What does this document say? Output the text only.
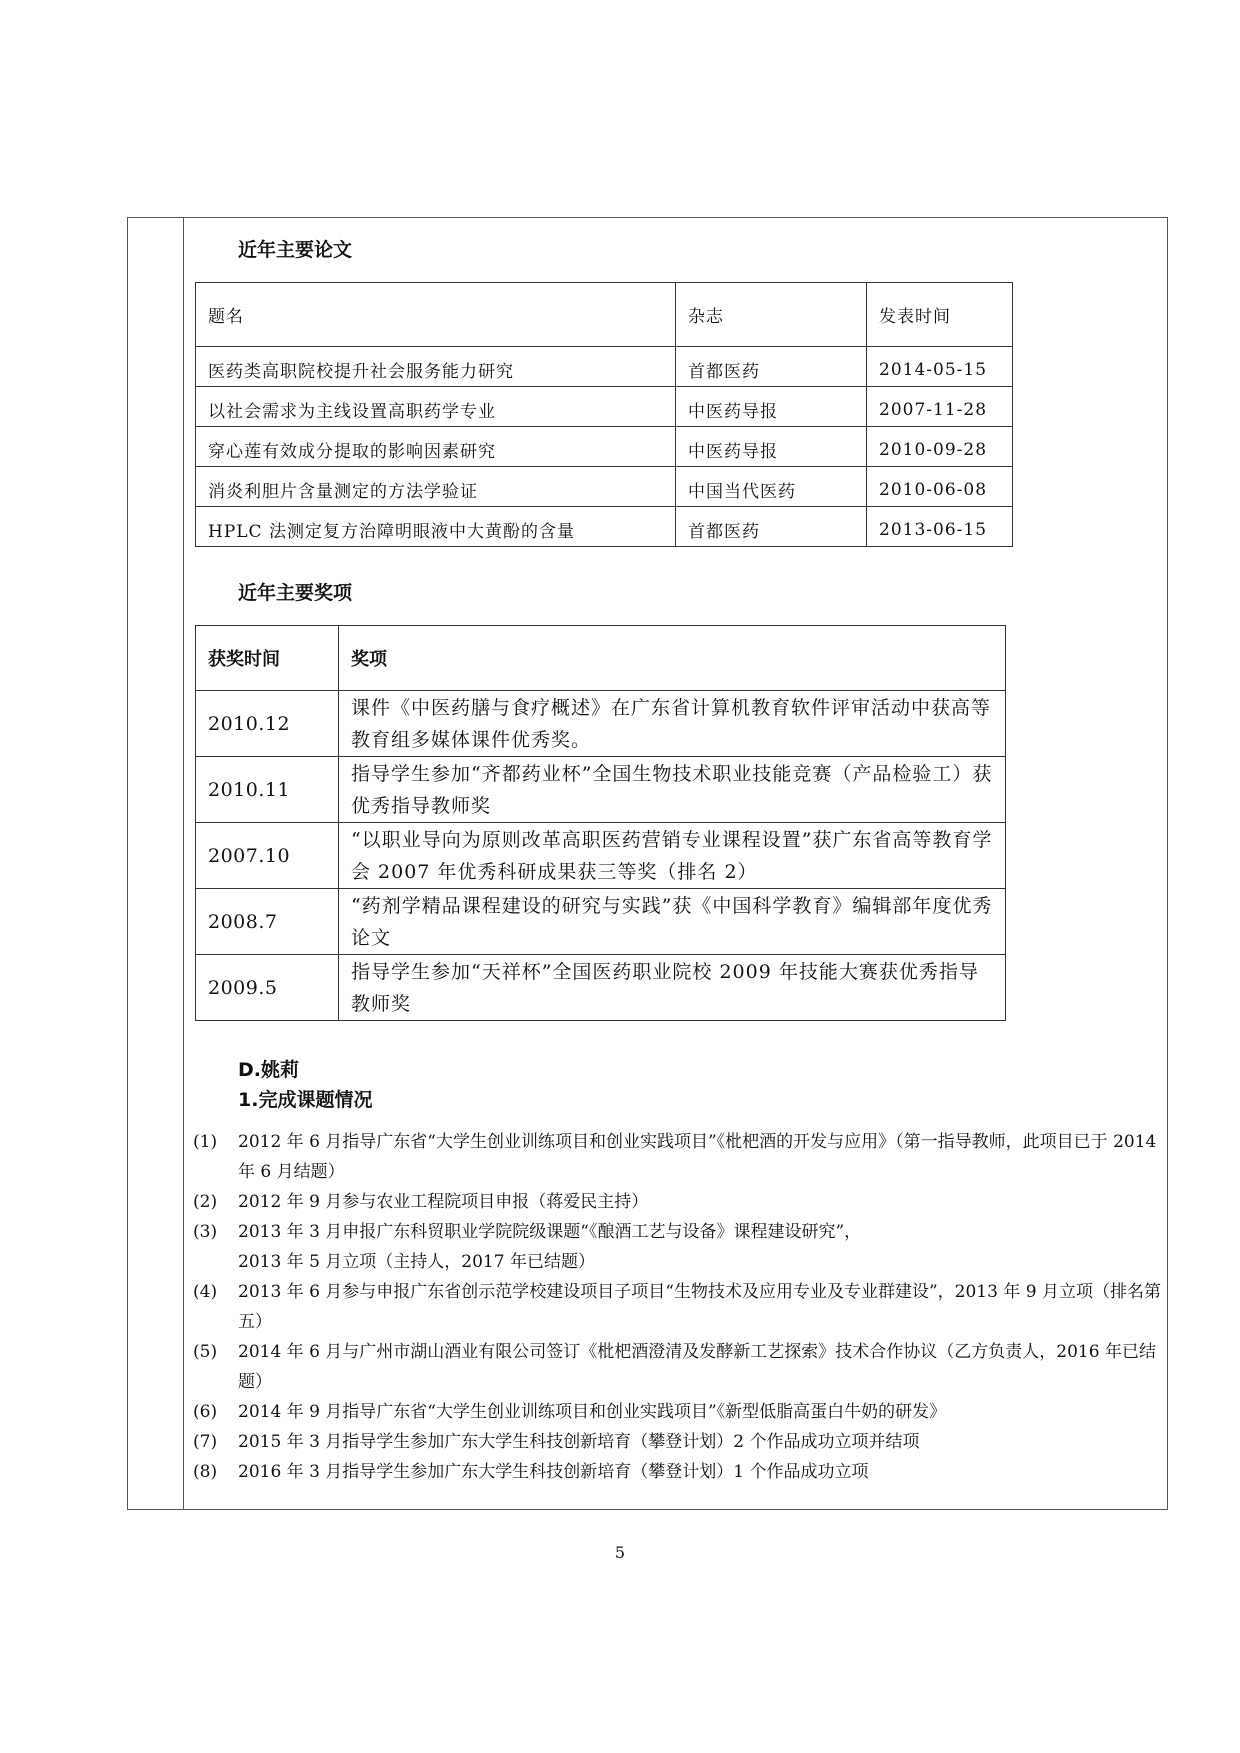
近年主要论文
题名	杂志	发表时间
医药类高职院校提升社会服务能力研究	首都医药	2014-05-15
以社会需求为主线设置高职药学专业	中医药导报	2007-11-28
穿心莲有效成分提取的影响因素研究	中医药导报	2010-09-28
消炎利胆片含量测定的方法学验证	中国当代医药	2010-06-08
HPLC 法测定复方治障明眼液中大黄酚的含量	首都医药	2013-06-15
近年主要奖项
获奖时间	奖项
2010.12	课件《中医药膳与食疗概述》在广东省计算机教育软件评审活动中获高等教育组多媒体课件优秀奖。
2010.11	指导学生参加“齐都药业杯”全国生物技术职业技能竞赛（产品检验工）获优秀指导教师奖
2007.10	“以职业导向为原则改革高职医药营销专业课程设置”获广东省高等教育学会 2007 年优秀科研成果获三等奖（排名 2）
2008.7	“药剂学精品课程建设的研究与实践”获《中国科学教育》编辑部年度优秀论文
2009.5	指导学生参加“天祥杯”全国医药职业院校 2009 年技能大赛获优秀指导教师奖
D.姚莉
1.完成课题情况
(1) 2012 年 6 月指导广东省“大学生创业训练项目和创业实践项目”《枇杷酒的开发与应用》（第一指导教师，此项目已于 2014 年 6 月结题）
(2) 2012 年 9 月参与农业工程院项目申报（蒋爱民主持）
(3) 2013 年 3 月申报广东科贸职业学院院级课题“《酿酒工艺与设备》课程建设研究”，
2013 年 5 月立项（主持人，2017 年已结题）
(4) 2013 年 6 月参与申报广东省创示范学校建设项目子项目“生物技术及应用专业及专业群建设”，2013 年 9 月立项（排名第五）
(5) 2014 年 6 月与广州市湖山酒业有限公司签订《枇杷酒澄清及发酵新工艺探索》技术合作协议（乙方负责人，2016 年已结题）
(6) 2014 年 9 月指导广东省“大学生创业训练项目和创业实践项目”《新型低脂高蛋白牛奶的研发》
(7) 2015 年 3 月指导学生参加广东大学生科技创新培育（攀登计划）2 个作品成功立项并结项
(8) 2016 年 3 月指导学生参加广东大学生科技创新培育（攀登计划）1 个作品成功立项
5
